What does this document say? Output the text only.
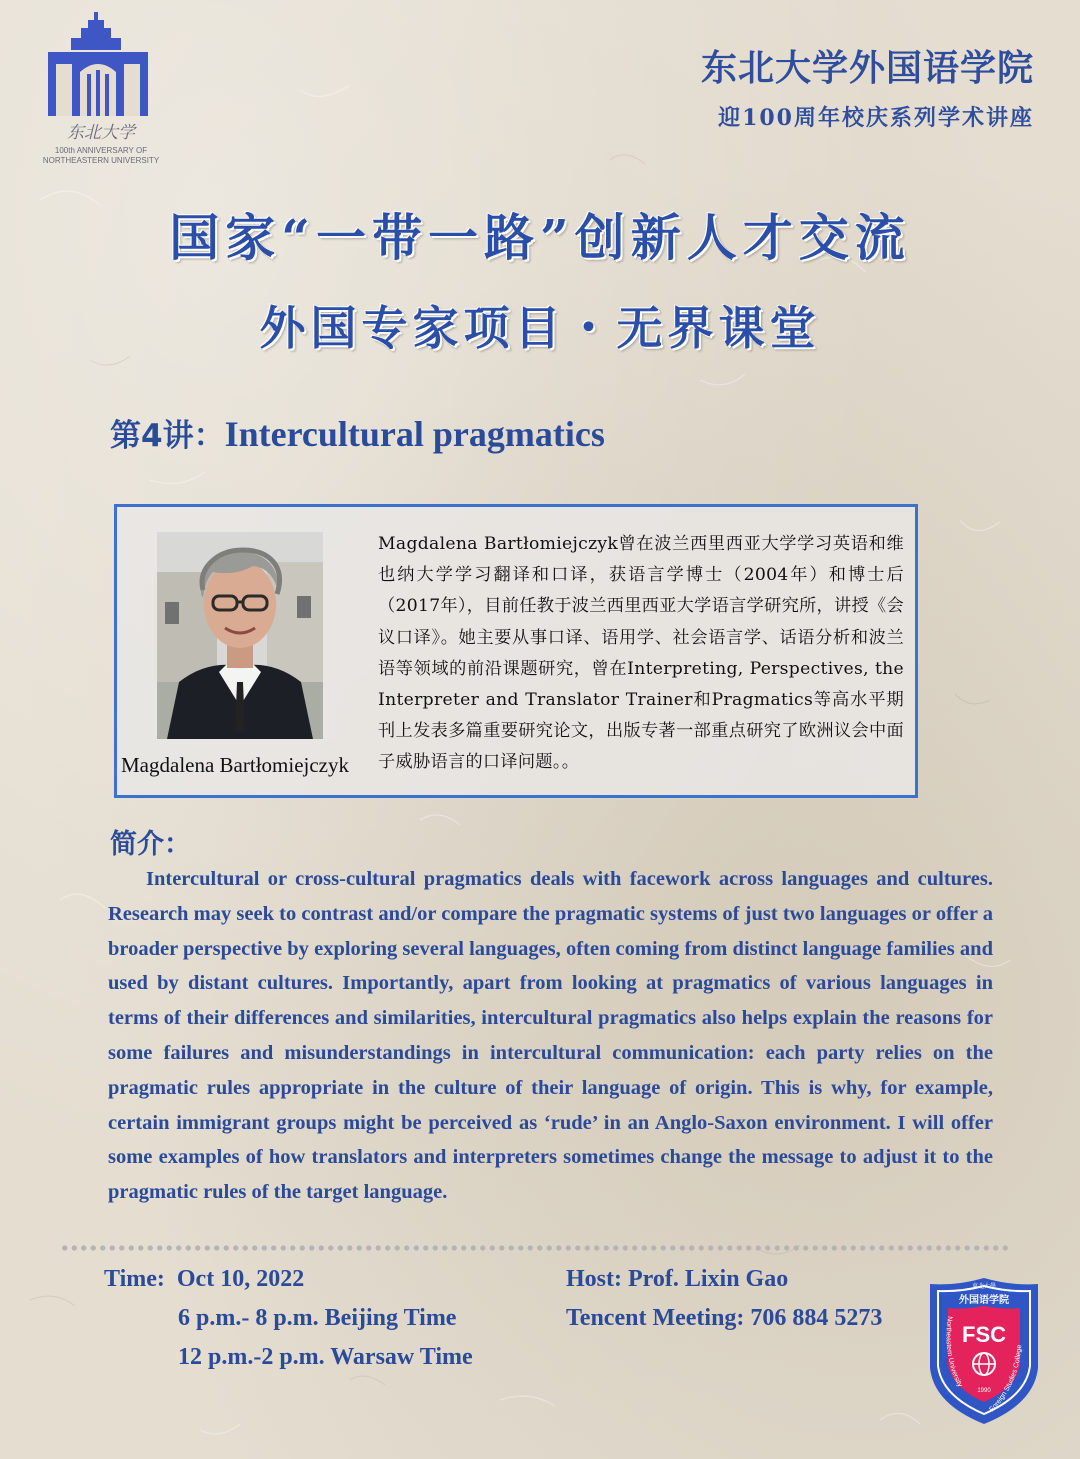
东北大学
100th ANNIVERSARY OF NORTHEASTERN UNIVERSITY
东北大学外国语学院
迎100周年校庆系列学术讲座
国家“一带一路”创新人才交流
外国专家项目・无界课堂
第4讲：Intercultural pragmatics
Magdalena Bartłomiejczyk
Magdalena Bartłomiejczyk曾在波兰西里西亚大学学习英语和维也纳大学学习翻译和口译，获语言学博士（2004年）和博士后（2017年），目前任教于波兰西里西亚大学语言学研究所，讲授《会议口译》。她主要从事口译、语用学、社会语言学、话语分析和波兰语等领域的前沿课题研究，曾在Interpreting, Perspectives, the Interpreter and Translator Trainer和Pragmatics等高水平期刊上发表多篇重要研究论文，出版专著一部重点研究了欧洲议会中面子威胁语言的口译问题。。
简介：

Intercultural or cross-cultural pragmatics deals with facework across languages and cultures. Research may seek to contrast and/or compare the pragmatic systems of just two languages or offer a broader perspective by exploring several languages, often coming from distinct language families and used by distant cultures. Importantly, apart from looking at pragmatics of various languages in terms of their differences and similarities, intercultural pragmatics also helps explain the reasons for some failures and misunderstandings in intercultural communication: each party relies on the pragmatic rules appropriate in the culture of their language of origin. This is why, for example, certain immigrant groups might be perceived as ‘rude’ in an Anglo-Saxon environment. I will offer some examples of how translators and interpreters sometimes change the message to adjust it to the pragmatic rules of the target language.

Time: Oct 10, 2022
6 p.m.- 8 p.m. Beijing Time
12 p.m.-2 p.m. Warsaw Time
Host: Prof. Lixin Gao
Tencent Meeting: 706 884 5273
東北大學
外国语学院
FSC
1990
Northeastern University
Foreign Studies College
